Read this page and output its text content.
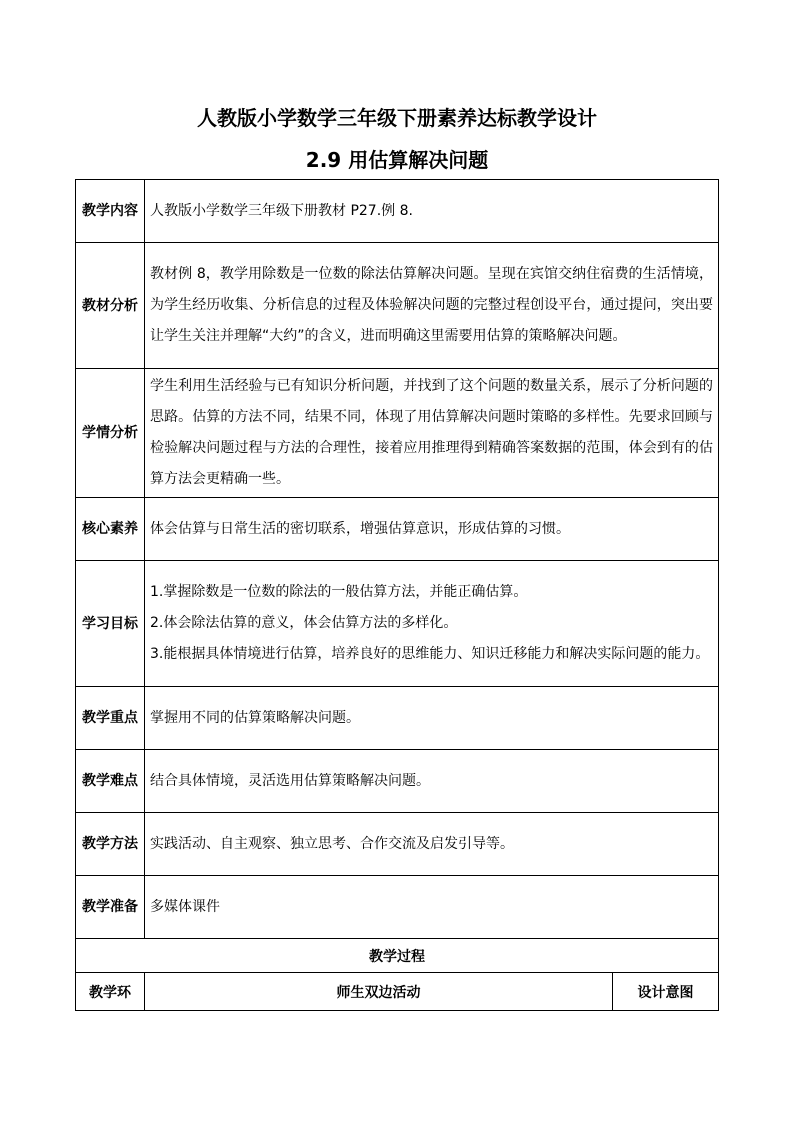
人教版小学数学三年级下册素养达标教学设计
2.9 用估算解决问题
教学内容	人教版小学数学三年级下册教材 P27.例 8.	

教材分析	教材例 8，教学用除数是一位数的除法估算解决问题。呈现在宾馆交纳住宿费的生活情境，为学生经历收集、分析信息的过程及体验解决问题的完整过程创设平台，通过提问，突出要让学生关注并理解“大约”的含义，进而明确这里需要用估算的策略解决问题。	

学情分析	学生利用生活经验与已有知识分析问题，并找到了这个问题的数量关系，展示了分析问题的思路。估算的方法不同，结果不同，体现了用估算解决问题时策略的多样性。先要求回顾与检验解决问题过程与方法的合理性，接着应用推理得到精确答案数据的范围，体会到有的估算方法会更精确一些。	

核心素养	体会估算与日常生活的密切联系，增强估算意识，形成估算的习惯。	

学习目标	1.掌握除数是一位数的除法的一般估算方法，并能正确估算。
2.体会除法估算的意义，体会估算方法的多样化。
3.能根据具体情境进行估算，培养良好的思维能力、知识迁移能力和解决实际问题的能力。	

教学重点	掌握用不同的估算策略解决问题。	

教学难点	结合具体情境，灵活选用估算策略解决问题。	

教学方法	实践活动、自主观察、独立思考、合作交流及启发引导等。	

教学准备	多媒体课件	

教学过程		
教学环	师生双边活动	设计意图
